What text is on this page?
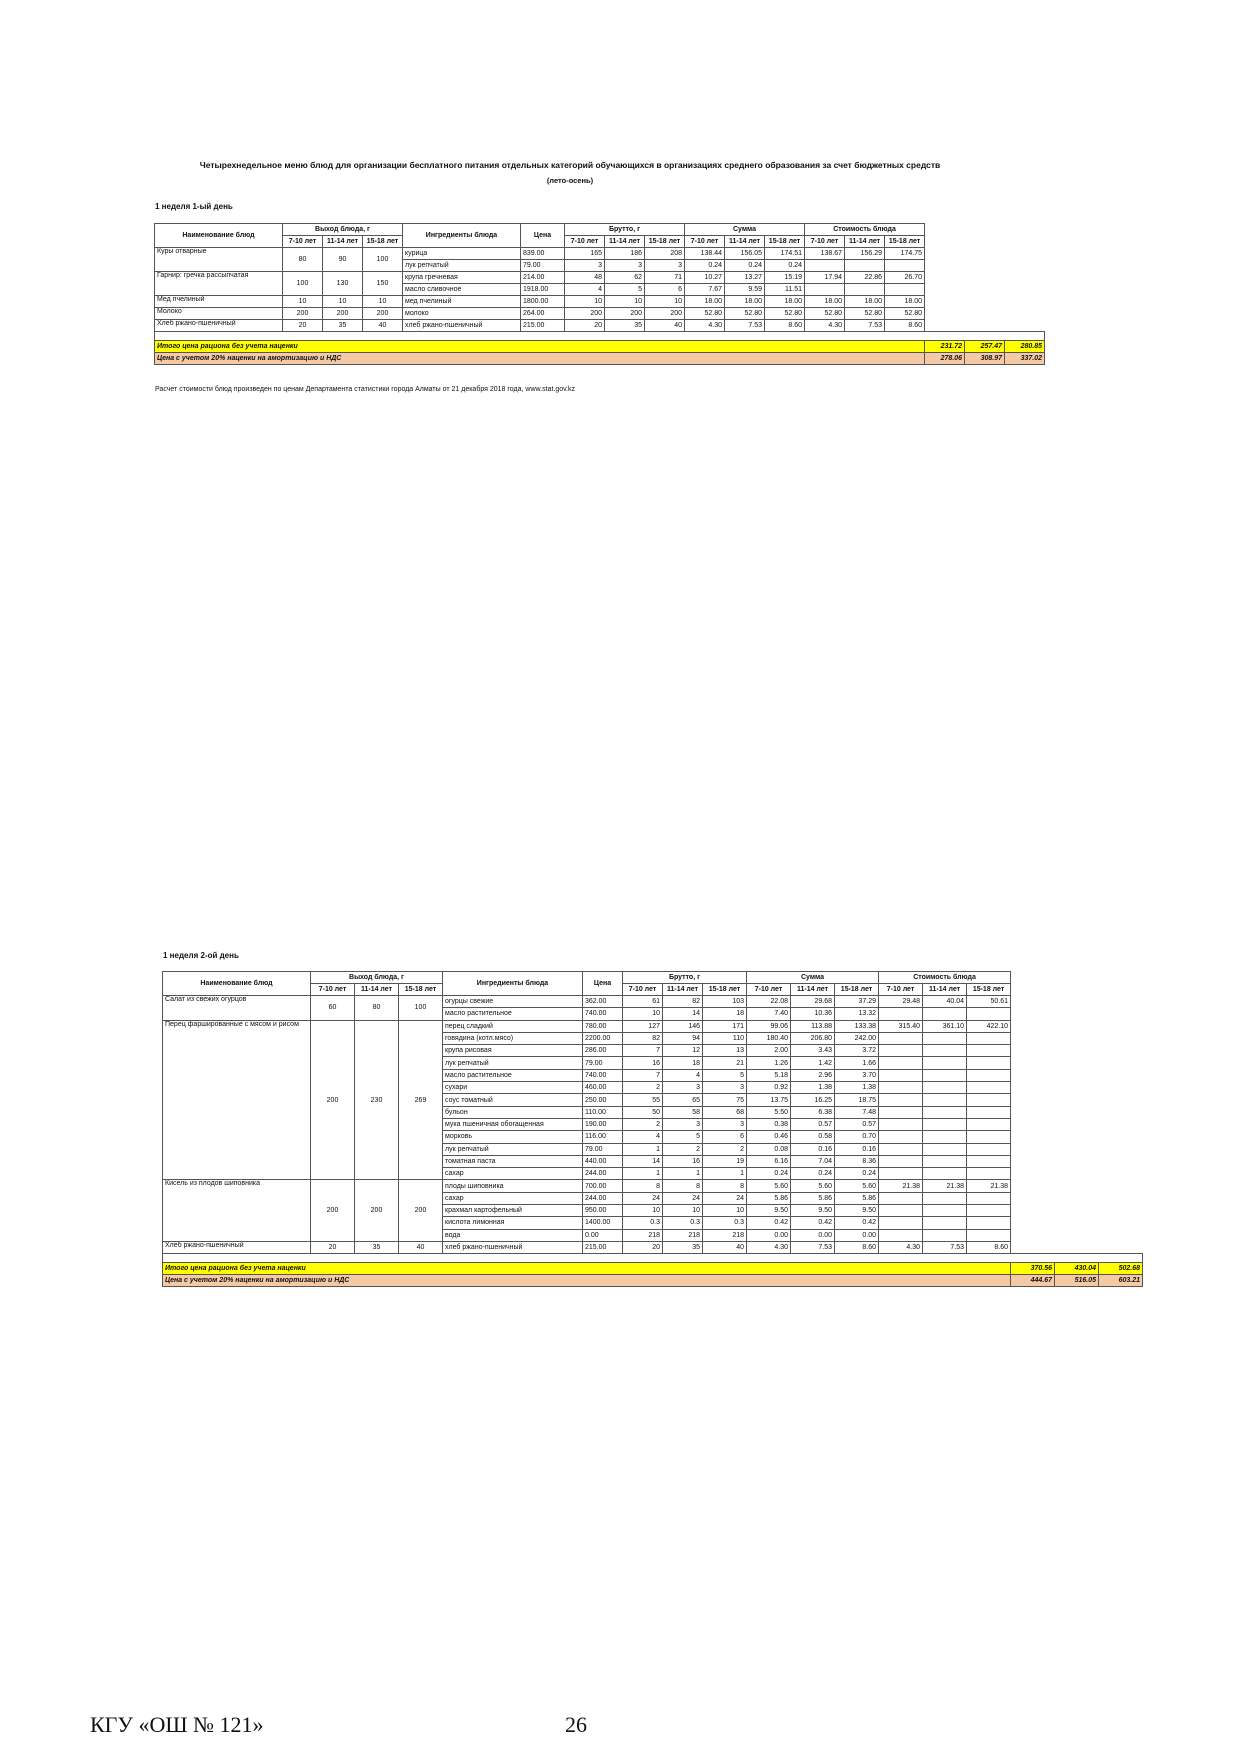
Четырехнедельное меню блюд для организации бесплатного питания отдельных категорий обучающихся в организациях среднего образования за счет бюджетных средств
(лето-осень)
1 неделя 1-ый день
Наименование блюд	Выход блюда, г			Ингредиенты блюда	Цена	Брутто, г			Сумма			Стоимость блюда					
	7-10 лет	11-14 лет	15-18 лет			7-10 лет	11-14 лет	15-18 лет	7-10 лет	11-14 лет	15-18 лет	7-10 лет	11-14 лет	15-18 лет			
Куры отварные	80	90	100	курица	839.00	165	186	208	138.44	156.05	174.51	138.67	156.29	174.75			
				лук репчатый	79.00	3	3	3	0.24	0.24	0.24						
Гарнир: гречка рассыпчатая	100	130	150	крупа гречневая	214.00	48	62	71	10.27	13.27	15.19	17.94	22.86	26.70			
				масло сливочное	1918.00	4	5	6	7.67	9.59	11.51						
Мед пчелиный	10	10	10	мед пчелиный	1800.00	10	10	10	18.00	18.00	18.00	18.00	18.00	18.00			
Молоко	200	200	200	молоко	264.00	200	200	200	52.80	52.80	52.80	52.80	52.80	52.80			
Хлеб ржано-пшеничный	20	35	40	хлеб ржано-пшеничный	215.00	20	35	40	4.30	7.53	8.60	4.30	7.53	8.60			

Итого цена рациона без учета наценки															231.72	257.47	280.85
Цена с учетом 20% наценки на амортизацию и НДС															278.06	308.97	337.02
Расчет стоимости блюд произведен по ценам Департамента статистики города Алматы от 21 декабря 2018 года, www.stat.gov.kz
1 неделя 2-ой день
Наименование блюд	Выход блюда, г			Ингредиенты блюда	Цена	Брутто, г			Сумма			Стоимость блюда					
	7-10 лет	11-14 лет	15-18 лет			7-10 лет	11-14 лет	15-18 лет	7-10 лет	11-14 лет	15-18 лет	7-10 лет	11-14 лет	15-18 лет			
Салат из свежих огурцов	60	80	100	огурцы свежие	362.00	61	82	103	22.08	29.68	37.29	29.48	40.04	50.61			
				масло растительное	740.00	10	14	18	7.40	10.36	13.32						
Перец фаршированные с мясом и рисом	200	230	269	перец сладкий	780.00	127	146	171	99.06	113.88	133.38	315.40	361.10	422.10			
				говядина (котл.мясо)	2200.00	82	94	110	180.40	206.80	242.00						
				крупа рисовая	286.00	7	12	13	2.00	3.43	3.72						
				лук репчатый	79.00	16	18	21	1.26	1.42	1.66						
				масло растительное	740.00	7	4	5	5.18	2.96	3.70						
				сухари	460.00	2	3	3	0.92	1.38	1.38						
				соус томатный	250.00	55	65	75	13.75	16.25	18.75						
				бульон	110.00	50	58	68	5.50	6.38	7.48						
				мука пшеничная обогащенная	190.00	2	3	3	0.38	0.57	0.57						
				морковь	116.00	4	5	6	0.46	0.58	0.70						
				лук репчатый	79.00	1	2	2	0.08	0.16	0.16						
				томатная паста	440.00	14	16	19	6.16	7.04	8.36						
				сахар	244.00	1	1	1	0.24	0.24	0.24						
Кисель из плодов шиповника	200	200	200	плоды шиповника	700.00	8	8	8	5.60	5.60	5.60	21.38	21.38	21.38			
				сахар	244.00	24	24	24	5.86	5.86	5.86						
				крахмал картофельный	950.00	10	10	10	9.50	9.50	9.50						
				кислота лимонная	1400.00	0.3	0.3	0.3	0.42	0.42	0.42						
				вода	0.00	218	218	218	0.00	0.00	0.00						
Хлеб ржано-пшеничный	20	35	40	хлеб ржано-пшеничный	215.00	20	35	40	4.30	7.53	8.60	4.30	7.53	8.60			

Итого цена рациона без учета наценки															370.56	430.04	502.68
Цена с учетом 20% наценки на амортизацию и НДС															444.67	516.05	603.21
КГУ «ОШ № 121»	26
